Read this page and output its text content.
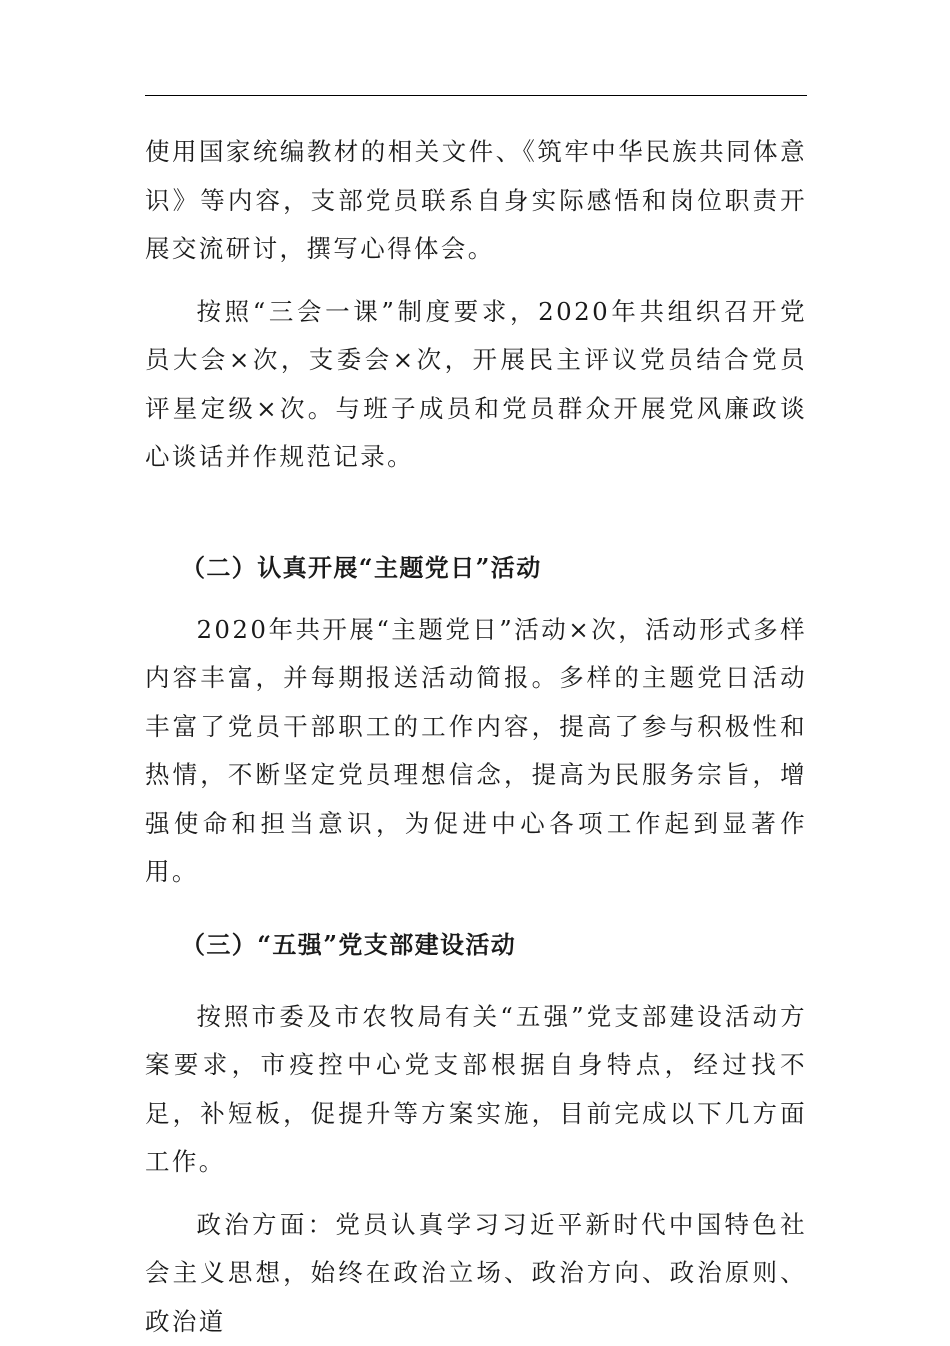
使用国家统编教材的相关文件、《筑牢中华民族共同体意识》等内容，支部党员联系自身实际感悟和岗位职责开展交流研讨，撰写心得体会。

按照“三会一课”制度要求，2020年共组织召开党员大会×次，支委会×次，开展民主评议党员结合党员评星定级×次。与班子成员和党员群众开展党风廉政谈心谈话并作规范记录。

（二）认真开展“主题党日”活动

2020年共开展“主题党日”活动×次，活动形式多样内容丰富，并每期报送活动简报。多样的主题党日活动丰富了党员干部职工的工作内容，提高了参与积极性和热情，不断坚定党员理想信念，提高为民服务宗旨，增强使命和担当意识，为促进中心各项工作起到显著作用。

（三）“五强”党支部建设活动

按照市委及市农牧局有关“五强”党支部建设活动方案要求，市疫控中心党支部根据自身特点，经过找不足，补短板，促提升等方案实施，目前完成以下几方面工作。

政治方面：党员认真学习习近平新时代中国特色社会主义思想，始终在政治立场、政治方向、政治原则、政治道
